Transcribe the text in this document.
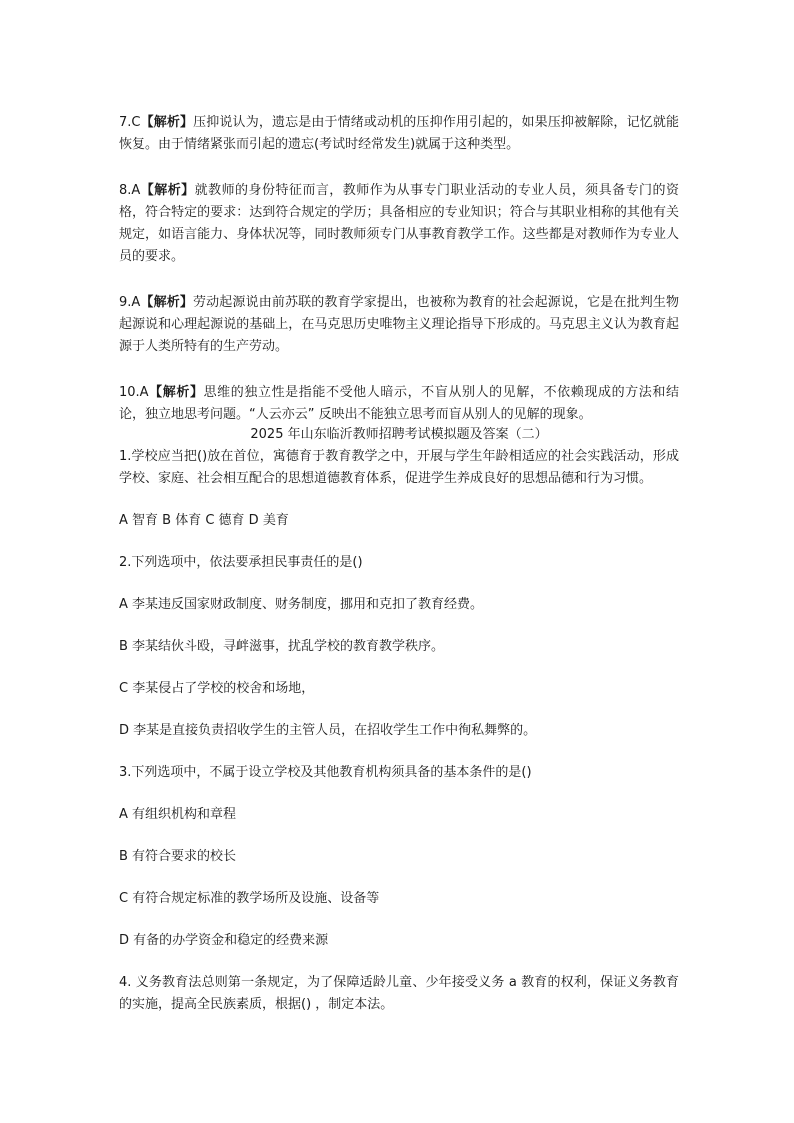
7.C【解析】压抑说认为，遗忘是由于情绪或动机的压抑作用引起的，如果压抑被解除，记忆就能恢复。由于情绪紧张而引起的遗忘(考试时经常发生)就属于这种类型。

8.A【解析】就教师的身份特征而言，教师作为从事专门职业活动的专业人员，须具备专门的资格，符合特定的要求：达到符合规定的学历；具备相应的专业知识；符合与其职业相称的其他有关规定，如语言能力、身体状况等，同时教师须专门从事教育教学工作。这些都是对教师作为专业人员的要求。

9.A【解析】劳动起源说由前苏联的教育学家提出，也被称为教育的社会起源说，它是在批判生物起源说和心理起源说的基础上，在马克思历史唯物主义理论指导下形成的。马克思主义认为教育起源于人类所特有的生产劳动。

10.A【解析】思维的独立性是指能不受他人暗示，不盲从别人的见解，不依赖现成的方法和结论，独立地思考问题。“人云亦云” 反映出不能独立思考而盲从别人的见解的现象。

2025 年山东临沂教师招聘考试模拟题及答案（二）

1.学校应当把()放在首位，寓德育于教育教学之中，开展与学生年龄相适应的社会实践活动，形成学校、家庭、社会相互配合的思想道德教育体系，促进学生养成良好的思想品德和行为习惯。

A 智育 B 体育 C 德育 D 美育

2.下列选项中，依法要承担民事责任的是()

A 李某违反国家财政制度、财务制度，挪用和克扣了教育经费。

B 李某结伙斗殴，寻衅滋事，扰乱学校的教育教学秩序。

C 李某侵占了学校的校舍和场地，

D 李某是直接负责招收学生的主管人员，在招收学生工作中徇私舞弊的。

3.下列选项中，不属于设立学校及其他教育机构须具备的基本条件的是()

A 有组织机构和章程

B 有符合要求的校长

C 有符合规定标准的教学场所及设施、设备等

D 有备的办学资金和稳定的经费来源

4. 义务教育法总则第一条规定，为了保障适龄儿童、少年接受义务 a 教育的权利，保证义务教育的实施，提高全民族素质，根据() ，制定本法。
